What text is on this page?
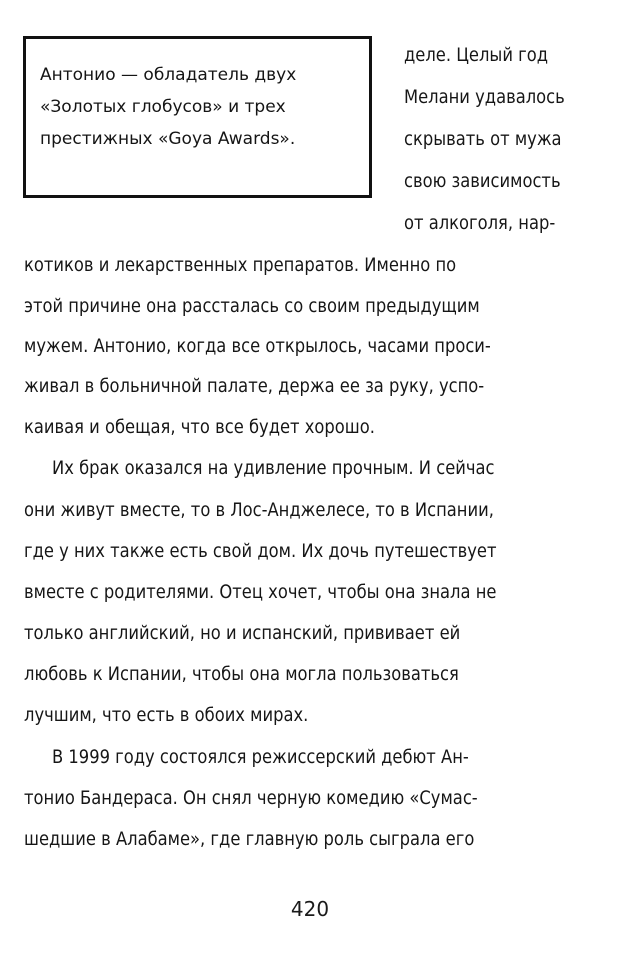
Антонио — обладатель двух
«Золотых глобусов» и трех
престижных «Goya Awards».
деле. Целый год
Мелани удавалось
скрывать от мужа
свою зависимость
от алкоголя, нар-
котиков и лекарственных препаратов. Именно по
этой причине она рассталась со своим предыдущим
мужем. Антонио, когда все открылось, часами проси-
живал в больничной палате, держа ее за руку, успо-
каивая и обещая, что все будет хорошо.
Их брак оказался на удивление прочным. И сейчас
они живут вместе, то в Лос-Анджелесе, то в Испании,
где у них также есть свой дом. Их дочь путешествует
вместе с родителями. Отец хочет, чтобы она знала не
только английский, но и испанский, прививает ей
любовь к Испании, чтобы она могла пользоваться
лучшим, что есть в обоих мирах.
В 1999 году состоялся режиссерский дебют Ан-
тонио Бандераса. Он снял черную комедию «Сумас-
шедшие в Алабаме», где главную роль сыграла его
420
